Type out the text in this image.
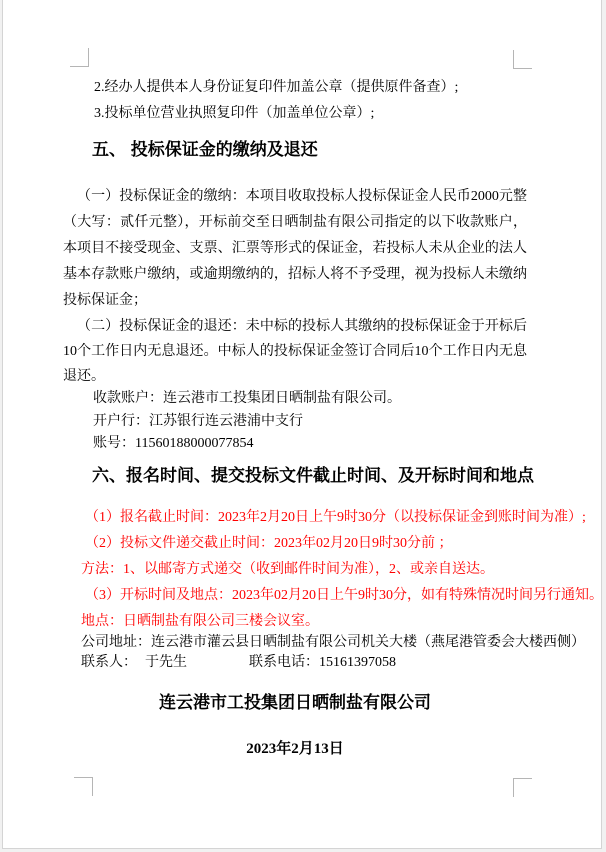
2.经办人提供本人身份证复印件加盖公章（提供原件备查）;

3.投标单位营业执照复印件（加盖单位公章）;

五、 投标保证金的缴纳及退还

（一）投标保证金的缴纳：本项目收取投标人投标保证金人民币2000元整（大写：贰仟元整），开标前交至日晒制盐有限公司指定的以下收款账户，本项目不接受现金、支票、汇票等形式的保证金，若投标人未从企业的法人基本存款账户缴纳，或逾期缴纳的，招标人将不予受理，视为投标人未缴纳投标保证金；

（二）投标保证金的退还：未中标的投标人其缴纳的投标保证金于开标后10个工作日内无息退还。中标人的投标保证金签订合同后10个工作日内无息退还。

收款账户：连云港市工投集团日晒制盐有限公司。

开户行：江苏银行连云港浦中支行

账号：11560188000077854

六、报名时间、提交投标文件截止时间、及开标时间和地点

（1）报名截止时间：2023年2月20日上午9时30分（以投标保证金到账时间为准）;

（2）投标文件递交截止时间：2023年02月20日9时30分前 ；

方法：1、以邮寄方式递交（收到邮件时间为准），2、或亲自送达。

（3）开标时间及地点：2023年02月20日上午9时30分，如有特殊情况时间另行通知。

地点：日晒制盐有限公司三楼会议室。

公司地址：连云港市灌云县日晒制盐有限公司机关大楼（燕尾港管委会大楼西侧）

联系人： 于先生	联系电话：15161397058

连云港市工投集团日晒制盐有限公司

2023年2月13日
